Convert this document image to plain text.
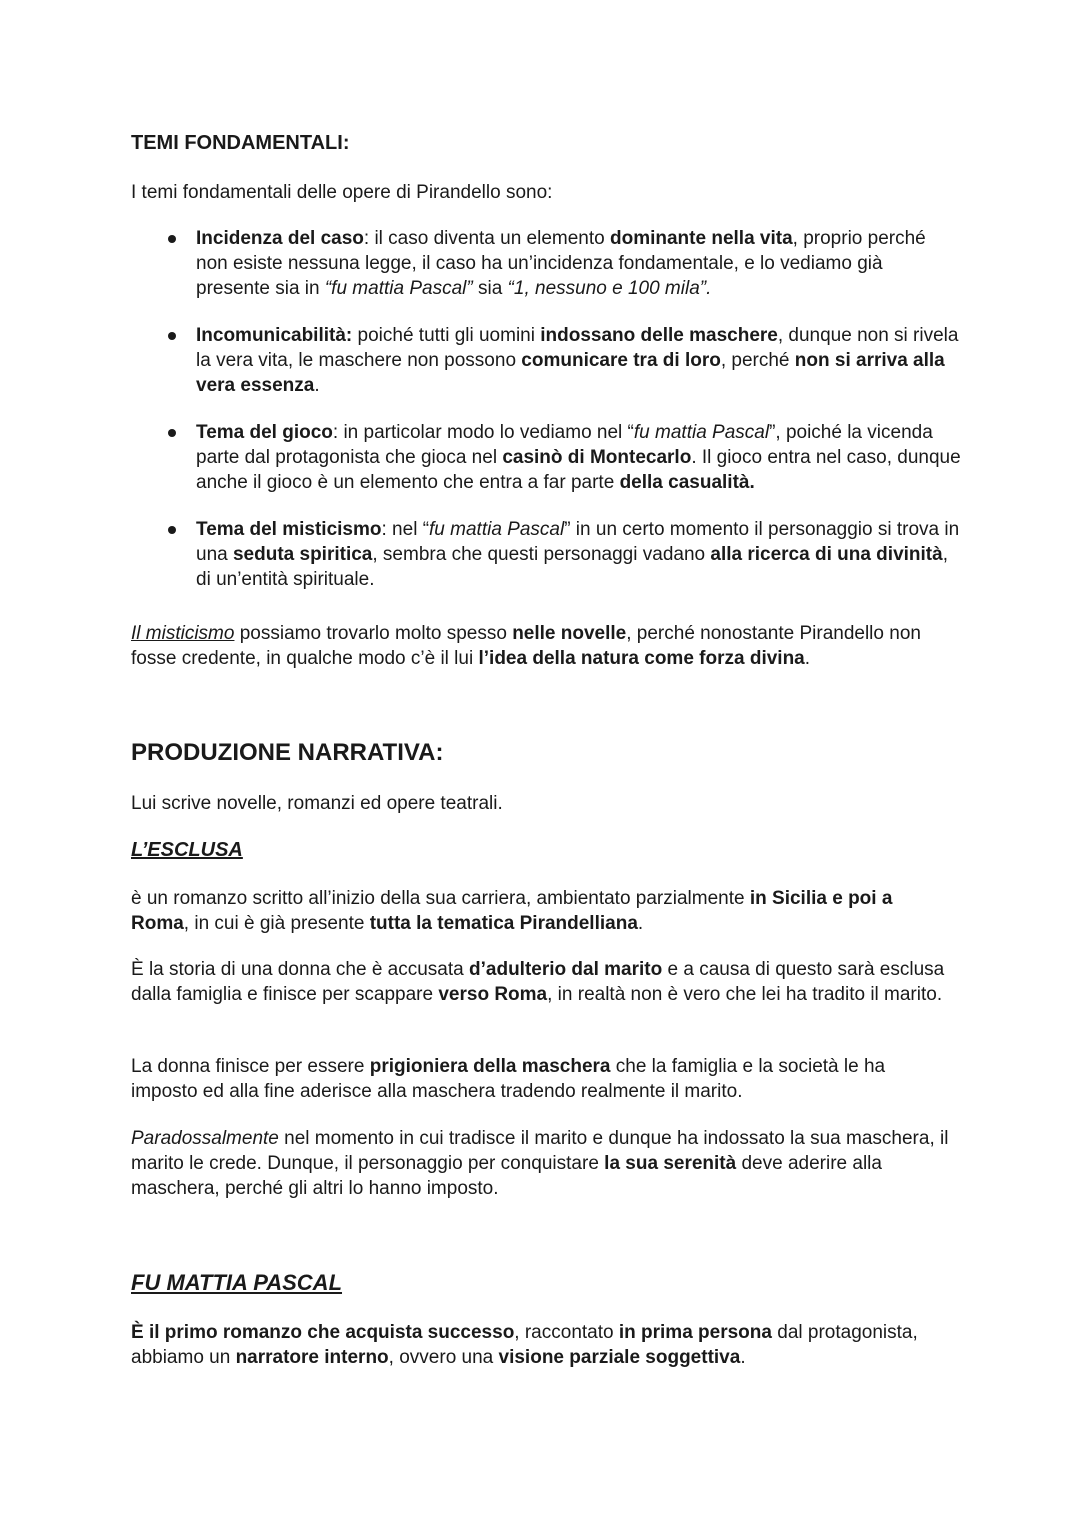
TEMI FONDAMENTALI:

I temi fondamentali delle opere di Pirandello sono:

Incidenza del caso: il caso diventa un elemento dominante nella vita, proprio perché non esiste nessuna legge, il caso ha un’incidenza fondamentale, e lo vediamo già presente sia in “fu mattia Pascal” sia “1, nessuno e 100 mila”.
Incomunicabilità: poiché tutti gli uomini indossano delle maschere, dunque non si rivela la vera vita, le maschere non possono comunicare tra di loro, perché non si arriva alla vera essenza.
Tema del gioco: in particolar modo lo vediamo nel “fu mattia Pascal”, poiché la vicenda parte dal protagonista che gioca nel casinò di Montecarlo. Il gioco entra nel caso, dunque anche il gioco è un elemento che entra a far parte della casualità.
Tema del misticismo: nel “fu mattia Pascal” in un certo momento il personaggio si trova in una seduta spiritica, sembra che questi personaggi vadano alla ricerca di una divinità, di un’entità spirituale.

Il misticismo possiamo trovarlo molto spesso nelle novelle, perché nonostante Pirandello non fosse credente, in qualche modo c’è il lui l’idea della natura come forza divina.

PRODUZIONE NARRATIVA:

Lui scrive novelle, romanzi ed opere teatrali.

L’ESCLUSA

è un romanzo scritto all’inizio della sua carriera, ambientato parzialmente in Sicilia e poi a Roma, in cui è già presente tutta la tematica Pirandelliana.

È la storia di una donna che è accusata d’adulterio dal marito e a causa di questo sarà esclusa dalla famiglia e finisce per scappare verso Roma, in realtà non è vero che lei ha tradito il marito.

La donna finisce per essere prigioniera della maschera che la famiglia e la società le ha imposto ed alla fine aderisce alla maschera tradendo realmente il marito.

Paradossalmente nel momento in cui tradisce il marito e dunque ha indossato la sua maschera, il marito le crede. Dunque, il personaggio per conquistare la sua serenità deve aderire alla maschera, perché gli altri lo hanno imposto.

FU MATTIA PASCAL

È il primo romanzo che acquista successo, raccontato in prima persona dal protagonista, abbiamo un narratore interno, ovvero una visione parziale soggettiva.
